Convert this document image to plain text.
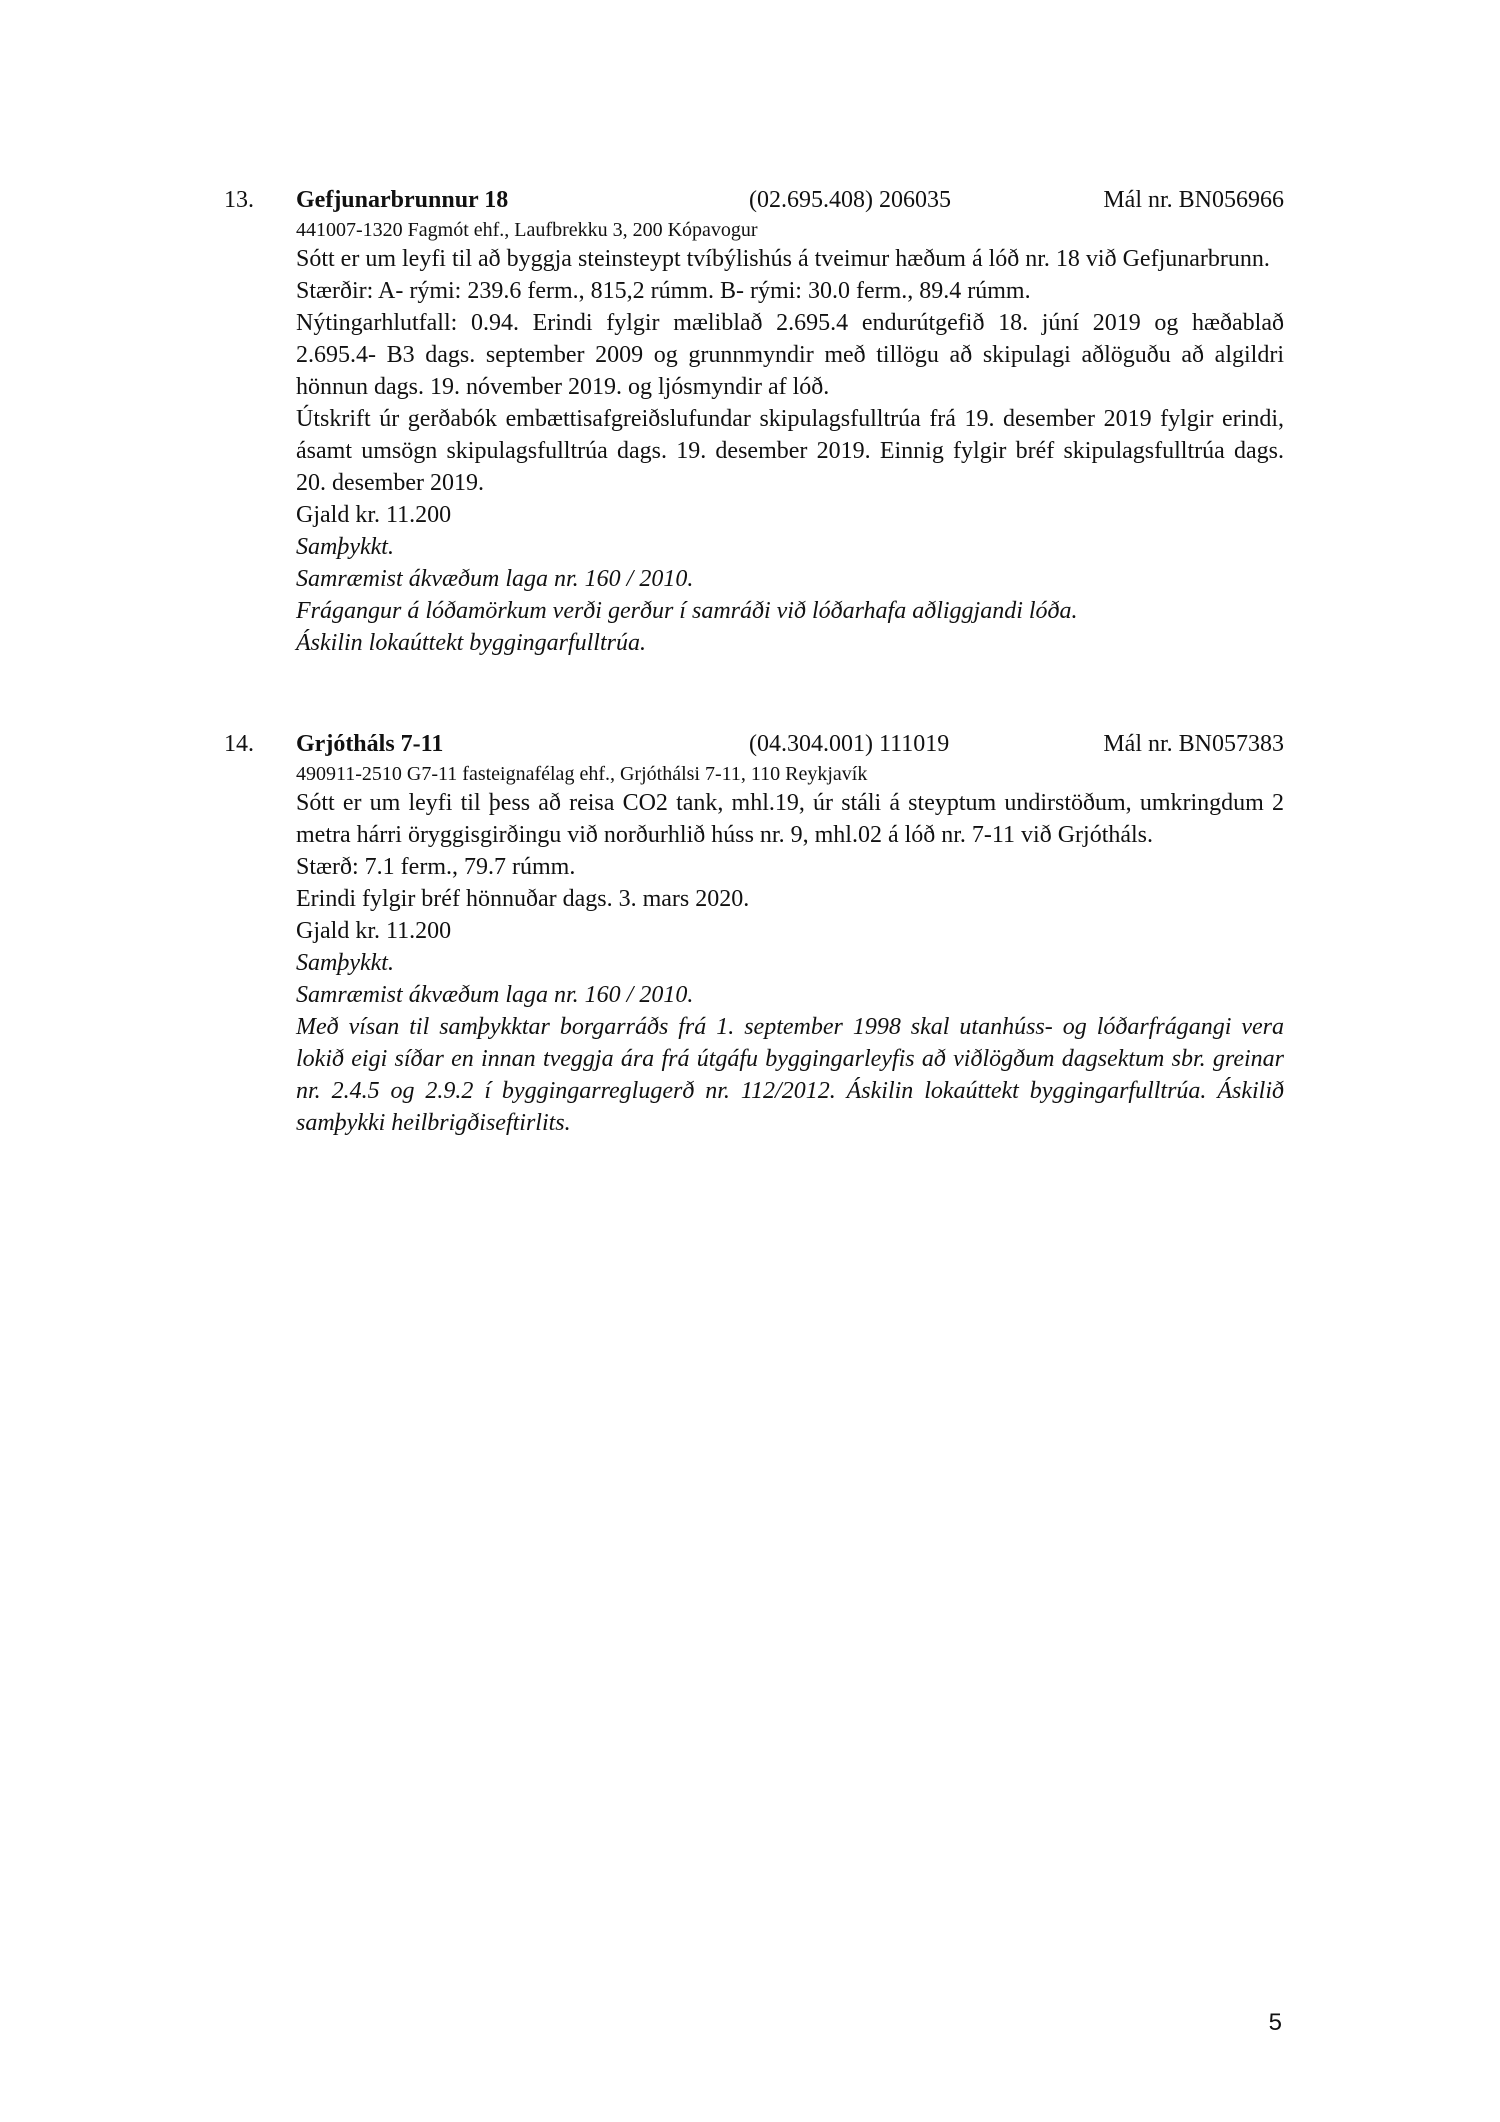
13. Gefjunarbrunnur 18	(02.695.408) 206035	Mál nr. BN056966
441007-1320 Fagmót ehf., Laufbrekku 3, 200 Kópavogur
Sótt er um leyfi til að byggja steinsteypt tvíbýlishús á tveimur hæðum á lóð nr. 18 við Gefjunarbrunn.
Stærðir: A- rými: 239.6 ferm., 815,2 rúmm. B- rými: 30.0 ferm., 89.4 rúmm.
Nýtingarhlutfall: 0.94. Erindi fylgir mæliblað 2.695.4 endurútgefið 18. júní 2019 og hæðablað 2.695.4- B3 dags. september 2009 og grunnmyndir með tillögu að skipulagi aðlöguðu að algildri hönnun dags. 19. nóvember 2019. og ljósmyndir af lóð.
Útskrift úr gerðabók embættisafgreiðslufundar skipulagsfulltrúa frá 19. desember 2019 fylgir erindi, ásamt umsögn skipulagsfulltrúa dags. 19. desember 2019. Einnig fylgir bréf skipulagsfulltrúa dags. 20. desember 2019.
Gjald kr. 11.200
Samþykkt.
Samræmist ákvæðum laga nr. 160 / 2010.
Frágangur á lóðamörkum verði gerður í samráði við lóðarhafa aðliggjandi lóða.
Áskilin lokaúttekt byggingarfulltrúa.
14. Grjótháls 7-11	(04.304.001) 111019	Mál nr. BN057383
490911-2510 G7-11 fasteignafélag ehf., Grjóthálsi 7-11, 110 Reykjavík
Sótt er um leyfi til þess að reisa CO2 tank, mhl.19, úr stáli á steyptum undirstöðum, umkringdum 2 metra hárri öryggisgirðingu við norðurhlið húss nr. 9, mhl.02 á lóð nr. 7-11 við Grjótháls.
Stærð: 7.1 ferm., 79.7 rúmm.
Erindi fylgir bréf hönnuðar dags. 3. mars 2020.
Gjald kr. 11.200
Samþykkt.
Samræmist ákvæðum laga nr. 160 / 2010.
Með vísan til samþykktar borgarráðs frá 1. september 1998 skal utanhúss- og lóðarfrágangi vera lokið eigi síðar en innan tveggja ára frá útgáfu byggingarleyfis að viðlögðum dagsektum sbr. greinar nr. 2.4.5 og 2.9.2 í byggingarreglugerð nr. 112/2012. Áskilin lokaúttekt byggingarfulltrúa. Áskilið samþykki heilbrigðiseftirlits.
5
